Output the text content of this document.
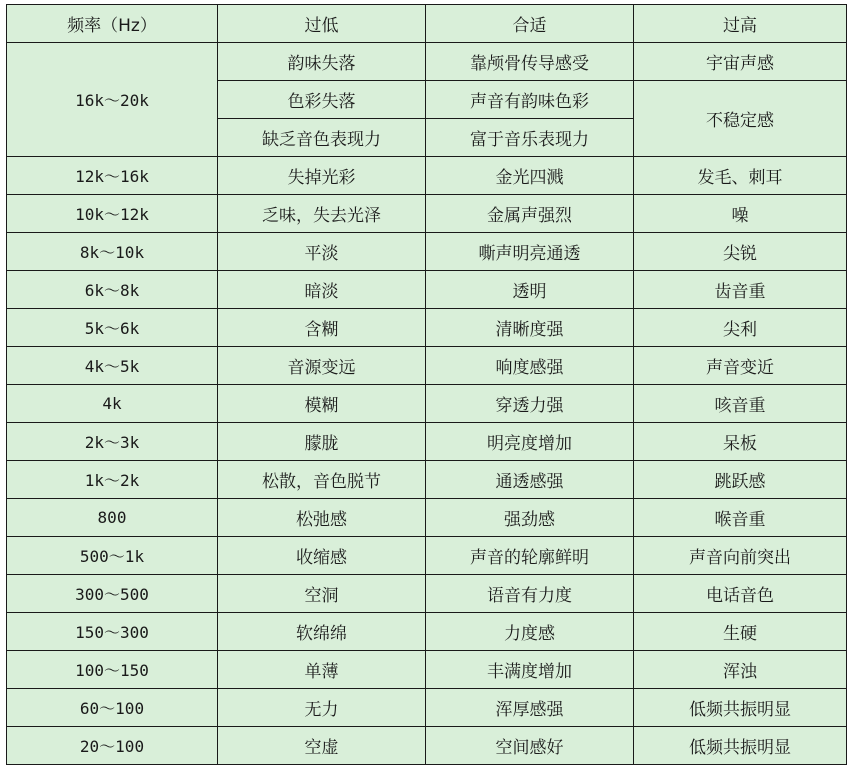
频率（Hz）	过低	合适	过高
16k～20k	韵味失落	靠颅骨传导感受	宇宙声感
	色彩失落	声音有韵味色彩	不稳定感
	缺乏音色表现力	富于音乐表现力	
12k～16k	失掉光彩	金光四溅	发毛、刺耳
10k～12k	乏味，失去光泽	金属声强烈	噪
8k～10k	平淡	嘶声明亮通透	尖锐
6k～8k	暗淡	透明	齿音重
5k～6k	含糊	清晰度强	尖利
4k～5k	音源变远	响度感强	声音变近
4k	模糊	穿透力强	咳音重
2k～3k	朦胧	明亮度增加	呆板
1k～2k	松散，音色脱节	通透感强	跳跃感
800	松弛感	强劲感	喉音重
500～1k	收缩感	声音的轮廓鲜明	声音向前突出
300～500	空洞	语音有力度	电话音色
150～300	软绵绵	力度感	生硬
100～150	单薄	丰满度增加	浑浊
60～100	无力	浑厚感强	低频共振明显
20～100	空虚	空间感好	低频共振明显
